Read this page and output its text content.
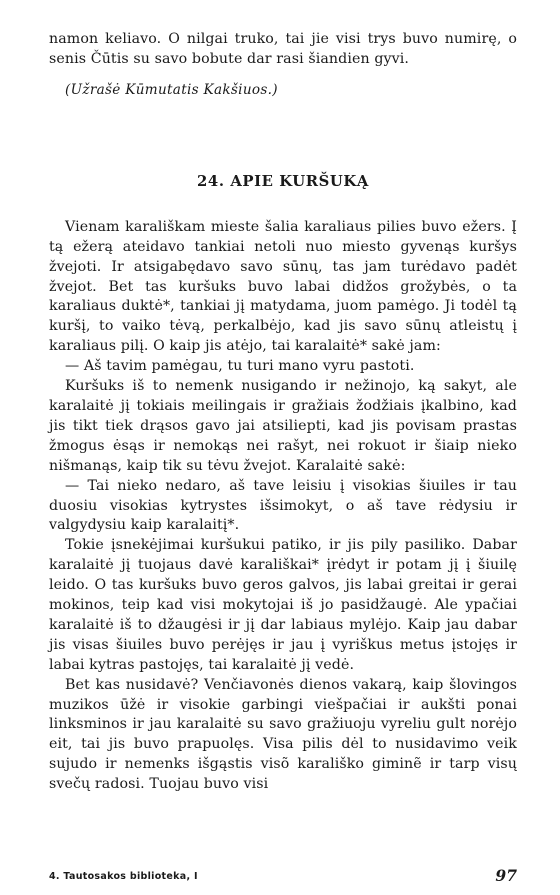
namon keliavo. O nilgai truko, tai jie visi trys buvo numirę, o senis Čūtis su savo bobute dar rasi šiandien gyvi.

(Užrašė Kūmutatis Kakšiuos.)

24. APIE KURŠUKĄ

Vienam karališkam mieste šalia karaliaus pilies buvo ežers. Į tą ežerą ateidavo tankiai netoli nuo miesto gyvenąs kuršys žvejoti. Ir atsigabędavo savo sūnų, tas jam turėdavo padėt žvejot. Bet tas kuršuks buvo labai didžos grožybės, o ta karaliaus duktė*, tankiai jį matydama, juom pamėgo. Ji todėl tą kuršį, to vaiko tėvą, perkalbėjo, kad jis savo sūnų atleistų į karaliaus pilį. O kaip jis atėjo, tai karalaitė* sakė jam:

— Aš tavim pamėgau, tu turi mano vyru pastoti.

Kuršuks iš to nemenk nusigando ir nežinojo, ką sakyt, ale karalaitė jį tokiais meilingais ir gražiais žodžiais įkalbino, kad jis tikt tiek drąsos gavo jai atsiliepti, kad jis povisam prastas žmogus ėsąs ir nemokąs nei rašyt, nei rokuot ir šiaip nieko nišmanąs, kaip tik su tėvu žvejot. Karalaitė sakė:

— Tai nieko nedaro, aš tave leisiu į visokias šiuiles ir tau duosiu visokias kytrystes išsimokyt, o aš tave rėdysiu ir valgydysiu kaip karalaitį*.

Tokie įsnekėjimai kuršukui patiko, ir jis pily pasiliko. Dabar karalaitė jį tuojaus davė karališkai* įrėdyt ir potam jį į šiuilę leido. O tas kuršuks buvo geros galvos, jis labai greitai ir gerai mokinos, teip kad visi mokytojai iš jo pasidžaugė. Ale ypačiai karalaitė iš to džaugėsi ir jį dar labiaus mylėjo. Kaip jau dabar jis visas šiuiles buvo perėjęs ir jau į vyriškus metus įstojęs ir labai kytras pastojęs, tai karalaitė jį vedė.

Bet kas nusidavė? Venčiavonės dienos vakarą, kaip šlovingos muzikos ūžė ir visokie garbingi viešpačiai ir aukšti ponai linksminos ir jau karalaitė su savo gražiuoju vyreliu gult norėjo eit, tai jis buvo prapuolęs. Visa pilis dėl to nusidavimo veik sujudo ir nemenks išgąstis visõ karališko giminẽ ir tarp visų svečų radosi. Tuojau buvo visi

4. Tautosakos biblioteka, I	97
